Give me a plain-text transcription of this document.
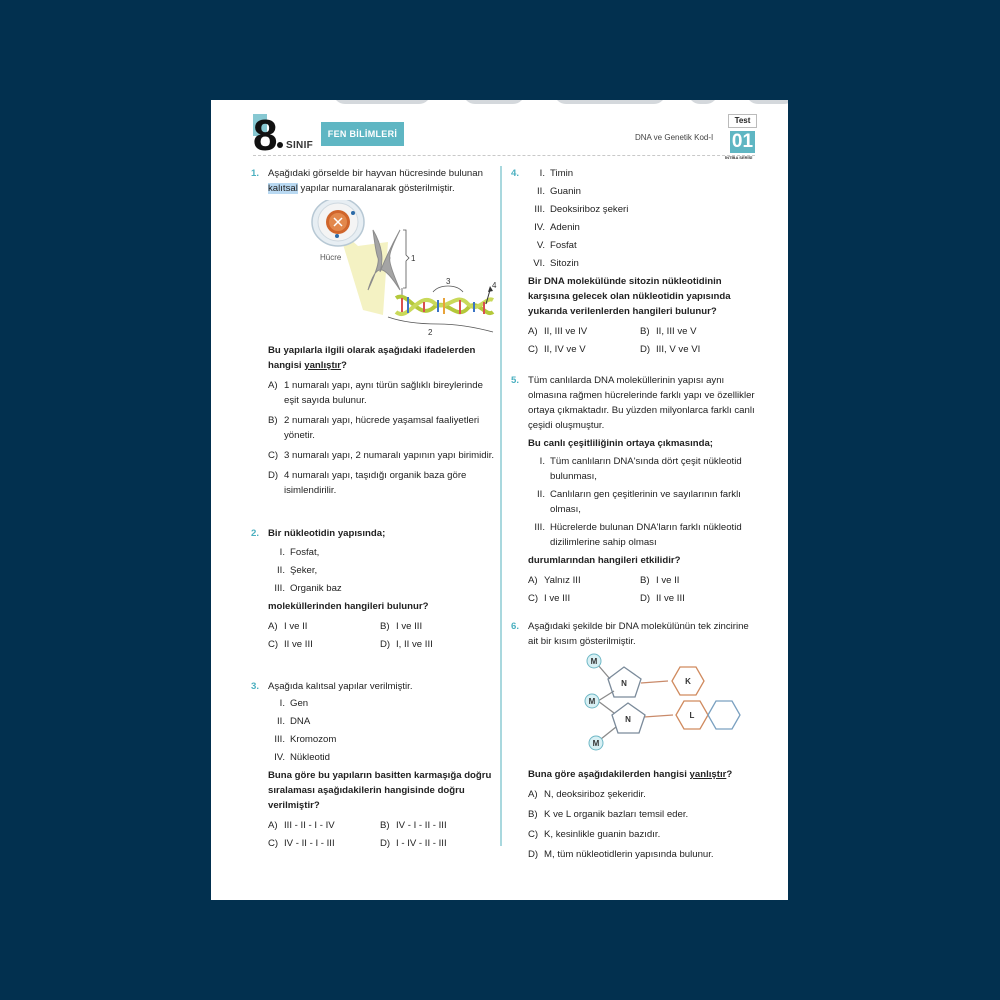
8 SINIF
FEN BİLİMLERİ	DNA ve Genetik Kod-I
Test
01
İNTİBA SERİSİ
1. Aşağıdaki görselde bir hayvan hücresinde bulunan kalıtsal yapılar numaralanarak gösterilmiştir.
Hücre	1
3	4
2
Bu yapılarla ilgili olarak aşağıdaki ifadelerden hangisi yanlıştır?
A) 1 numaralı yapı, aynı türün sağlıklı bireylerinde eşit sayıda bulunur.
B) 2 numaralı yapı, hücrede yaşamsal faaliyetleri yönetir.
C) 3 numaralı yapı, 2 numaralı yapının yapı birimidir.
D) 4 numaralı yapı, taşıdığı organik baza göre isimlendirilir.
2. Bir nükleotidin yapısında;
I. Fosfat,
II. Şeker,
III. Organik baz
moleküllerinden hangileri bulunur?
A) I ve II	B) I ve III
C) II ve III	D) I, II ve III
3. Aşağıda kalıtsal yapılar verilmiştir.
I. Gen
II. DNA
III. Kromozom
IV. Nükleotid
Buna göre bu yapıların basitten karmaşığa doğru sıralaması aşağıdakilerin hangisinde doğru verilmiştir?
A) III - II - I - IV	B) IV - I - II - III
C) IV - II - I - III	D) I - IV - II - III
4.	I. Timin
II. Guanin
III. Deoksiriboz şekeri
IV. Adenin
V. Fosfat
VI. Sitozin
Bir DNA molekülünde sitozin nükleotidinin karşısına gelecek olan nükleotidin yapısında yukarıda verilenlerden hangileri bulunur?
A) II, III ve IV	B) II, III ve V
C) II, IV ve V	D) III, V ve VI
5. Tüm canlılarda DNA moleküllerinin yapısı aynı olmasına rağmen hücrelerinde farklı yapı ve özellikler ortaya çıkmaktadır. Bu yüzden milyonlarca farklı canlı çeşidi oluşmuştur.
Bu canlı çeşitliliğinin ortaya çıkmasında;
I. Tüm canlıların DNA'sında dört çeşit nükleotid bulunması,
II. Canlıların gen çeşitlerinin ve sayılarının farklı olması,
III. Hücrelerde bulunan DNA'ların farklı nükleotid dizilimlerine sahip olması
durumlarından hangileri etkilidir?
A) Yalnız III	B) I ve II
C) I ve III	D) II ve III
6. Aşağıdaki şekilde bir DNA molekülünün tek zincirine ait bir kısım gösterilmiştir.
M
M
M
N
N
K
L
Buna göre aşağıdakilerden hangisi yanlıştır?
A) N, deoksiriboz şekeridir.
B) K ve L organik bazları temsil eder.
C) K, kesinlikle guanin bazıdır.
D) M, tüm nükleotidlerin yapısında bulunur.
